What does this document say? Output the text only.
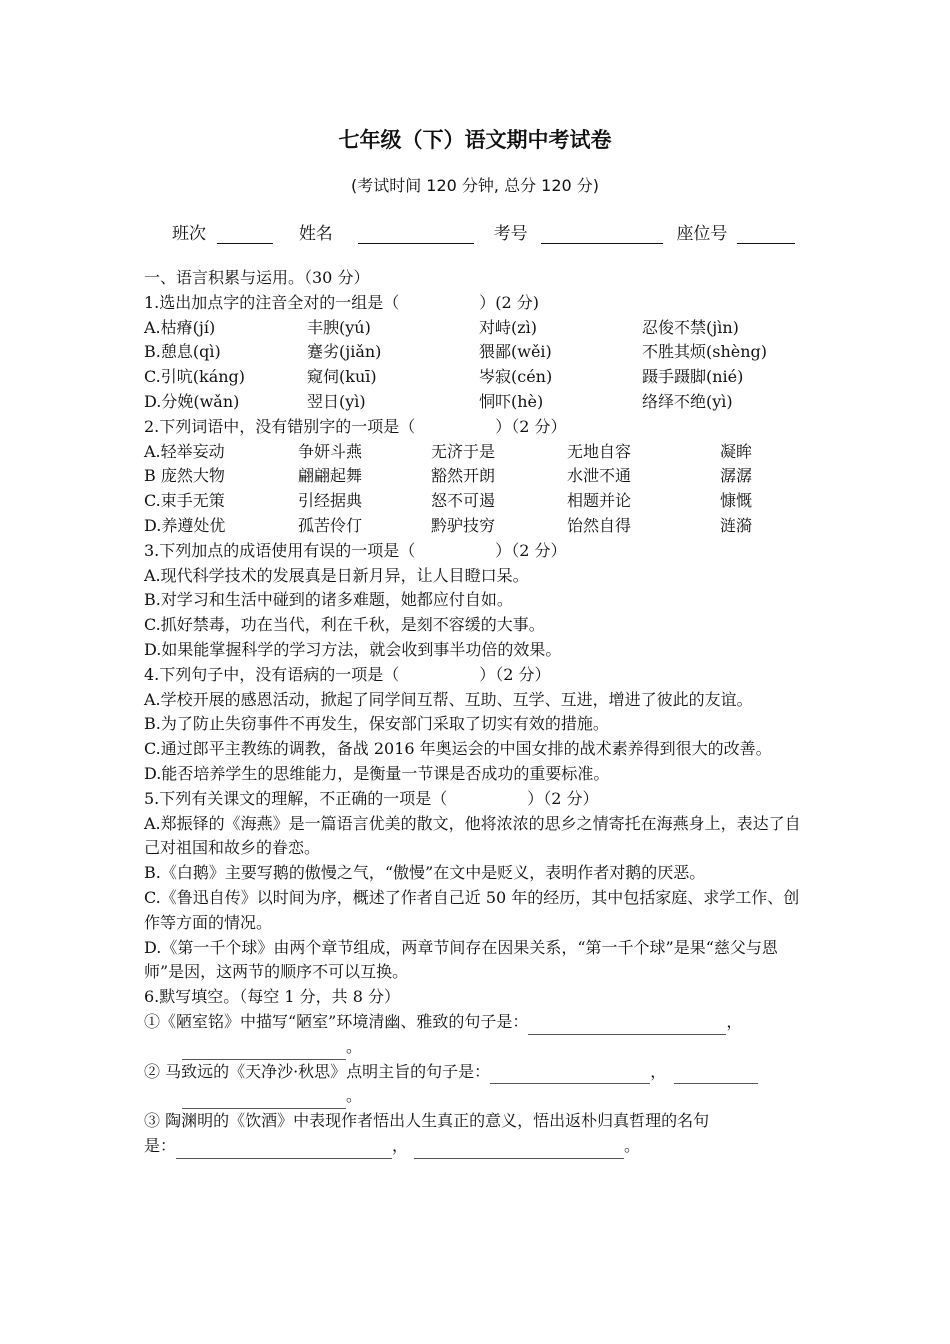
七年级（下）语文期中考试卷
(考试时间 120 分钟, 总分 120 分)
班次	姓名	考号	座位号
一、语言积累与运用。（30 分）
1.选出加点字的注音全对的一组是（　　　　　）(2 分)
A.枯瘠(jí)	丰腴(yú)	对峙(zì)	忍俊不禁(jìn)
B.憩息(qì)	蹇劣(jiǎn)	猥鄙(wěi)	不胜其烦(shèng)
C.引吭(káng)	窥伺(kuī)	岑寂(cén)	蹑手蹑脚(nié)
D.分娩(wǎn)	翌日(yì)	恫吓(hè)	络绎不绝(yì)
2.下列词语中，没有错别字的一项是（　　　　　）（2 分）
A.轻举妄动	争妍斗燕	无济于是	无地自容	凝眸
B 庞然大物	翩翩起舞	豁然开朗	水泄不通	潺潺
C.束手无策	引经据典	怒不可遏	相题并论	慷慨
D.养遵处优	孤苦伶仃	黔驴技穷	饴然自得	涟漪
3.下列加点的成语使用有误的一项是（　　　　　）（2 分）
A.现代科学技术的发展真是日新月异，让人目瞪口呆。
B.对学习和生活中碰到的诸多难题，她都应付自如。
C.抓好禁毒，功在当代，利在千秋，是刻不容缓的大事。
D.如果能掌握科学的学习方法，就会收到事半功倍的效果。
4.下列句子中，没有语病的一项是（　　　　　）（2 分）
A.学校开展的感恩活动，掀起了同学间互帮、互助、互学、互进，增进了彼此的友谊。
B.为了防止失窃事件不再发生，保安部门采取了切实有效的措施。
C.通过郎平主教练的调教，备战 2016 年奥运会的中国女排的战术素养得到很大的改善。
D.能否培养学生的思维能力，是衡量一节课是否成功的重要标准。
5.下列有关课文的理解，不正确的一项是（　　　　　）（2 分）
A.郑振铎的《海燕》是一篇语言优美的散文，他将浓浓的思乡之情寄托在海燕身上，表达了自己对祖国和故乡的眷恋。
B.《白鹅》主要写鹅的傲慢之气，“傲慢”在文中是贬义，表明作者对鹅的厌恶。
C.《鲁迅自传》以时间为序，概述了作者自己近 50 年的经历，其中包括家庭、求学工作、创作等方面的情况。
D.《第一千个球》由两个章节组成，两章节间存在因果关系，“第一千个球”是果“慈父与恩师”是因，这两节的顺序不可以互换。
6.默写填空。（每空 1 分，共 8 分）
①《陋室铭》中描写“陋室”环境清幽、雅致的句子是：	，
。
② 马致远的《天净沙·秋思》点明主旨的句子是：	，
。
③ 陶渊明的《饮酒》中表现作者悟出人生真正的意义，悟出返朴归真哲理的名句
是：	，	。
